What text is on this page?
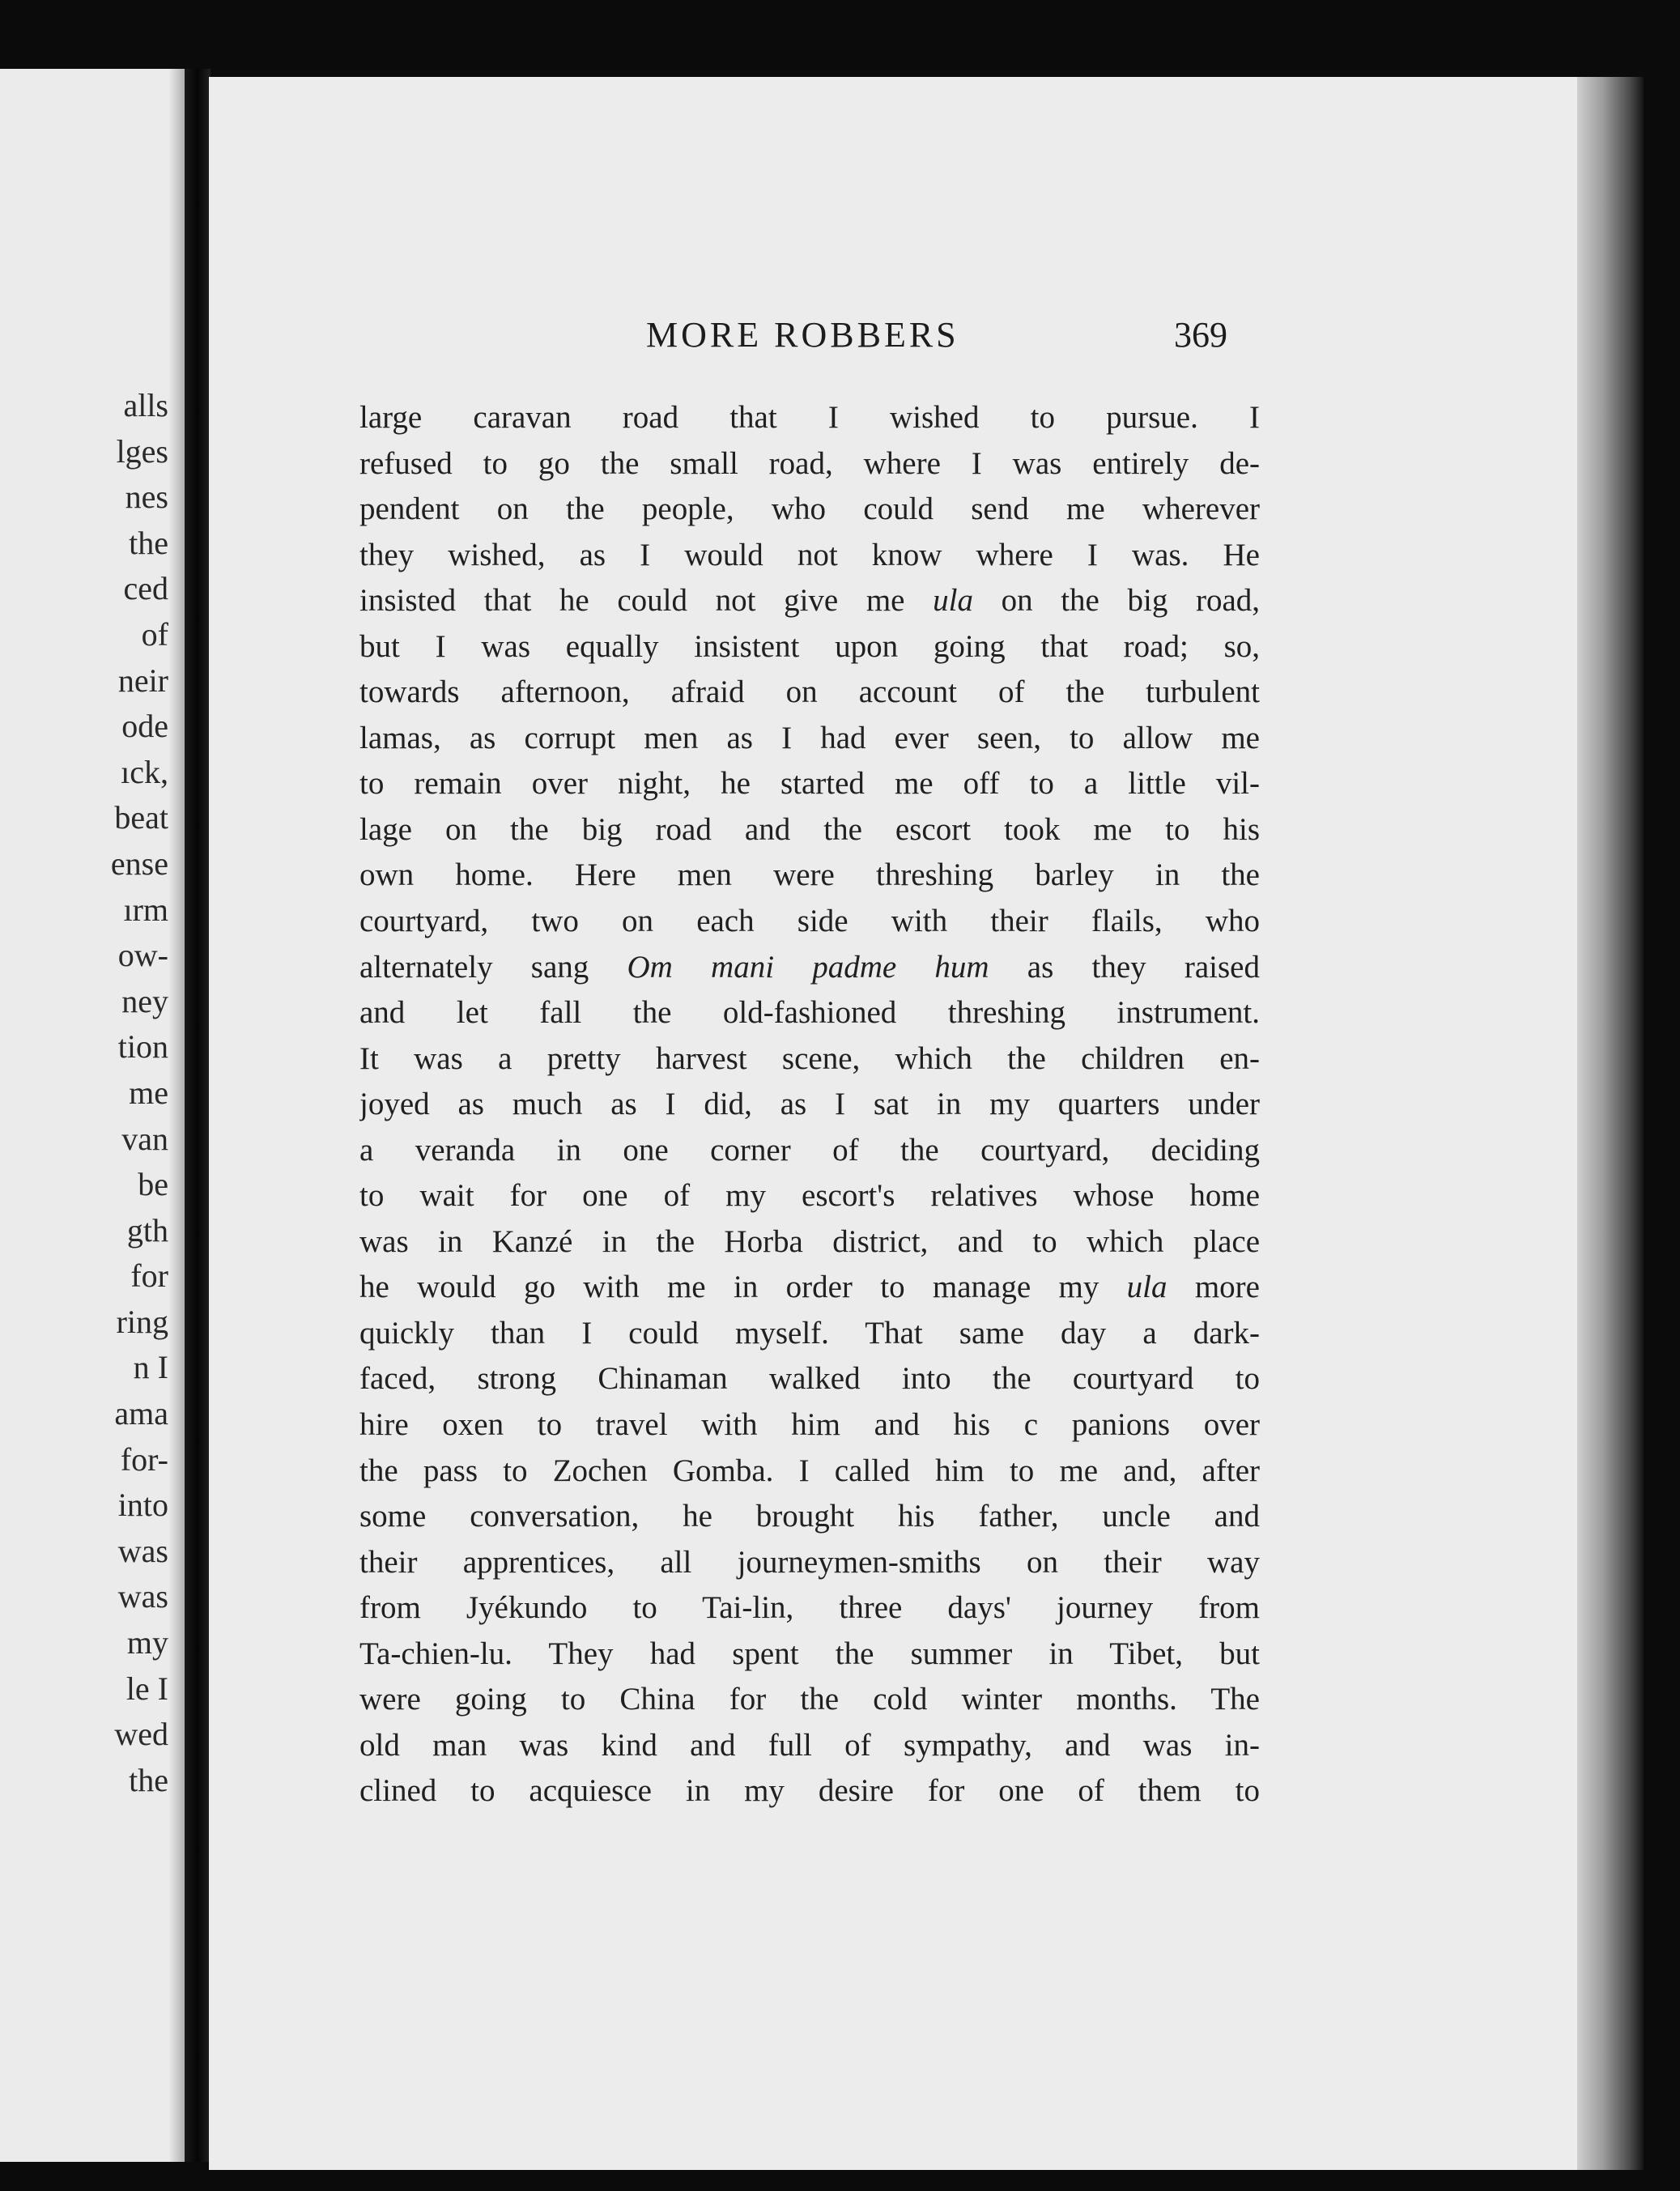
alls
lges
nes
the
ced
of
neir
ode
ıck,
beat
ense
ırm
ow-
ney
tion
me
van
be
gth
for
ring
n I
ama
for-
into
was
was
my
le I
wed
the
MORE ROBBERS	369
large caravan road that I wished to pursue. I
refused to go the small road, where I was entirely de-
pendent on the people, who could send me wherever
they wished, as I would not know where I was. He
insisted that he could not give me ula on the big road,
but I was equally insistent upon going that road; so,
towards afternoon, afraid on account of the turbulent
lamas, as corrupt men as I had ever seen, to allow me
to remain over night, he started me off to a little vil-
lage on the big road and the escort took me to his
own home. Here men were threshing barley in the
courtyard, two on each side with their flails, who
alternately sang Om mani padme hum as they raised
and let fall the old-fashioned threshing instrument.
It was a pretty harvest scene, which the children en-
joyed as much as I did, as I sat in my quarters under
a veranda in one corner of the courtyard, deciding
to wait for one of my escort's relatives whose home
was in Kanzé in the Horba district, and to which place
he would go with me in order to manage my ula more
quickly than I could myself. That same day a dark-
faced, strong Chinaman walked into the courtyard to
hire oxen to travel with him and his c panions over
the pass to Zochen Gomba. I called him to me and, after
some conversation, he brought his father, uncle and
their apprentices, all journeymen-smiths on their way
from Jyékundo to Tai-lin, three days' journey from
Ta-chien-lu. They had spent the summer in Tibet, but
were going to China for the cold winter months. The
old man was kind and full of sympathy, and was in-
clined to acquiesce in my desire for one of them to
